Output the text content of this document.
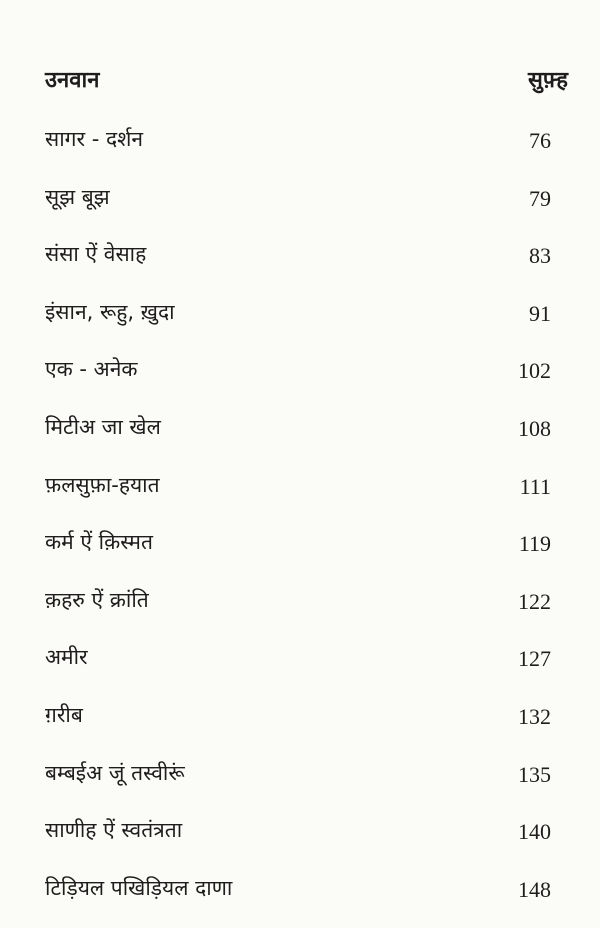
उनवान	सुफ़्ह
सागर - दर्शन	76
सूझ बूझ	79
संसा ऐं वेसाह	83
इंसान, रूहु, ख़ुदा	91
एक - अनेक	102
मिटीअ जा खेल	108
फ़लसुफ़ा-हयात	111
कर्म ऐं क़िस्मत	119
क़हरु ऐं क्रांति	122
अमीर	127
ग़रीब	132
बम्बईअ जूं तस्वीरूं	135
साणीह ऐं स्वतंत्रता	140
टिड़ियल पखिड़ियल दाणा	148
